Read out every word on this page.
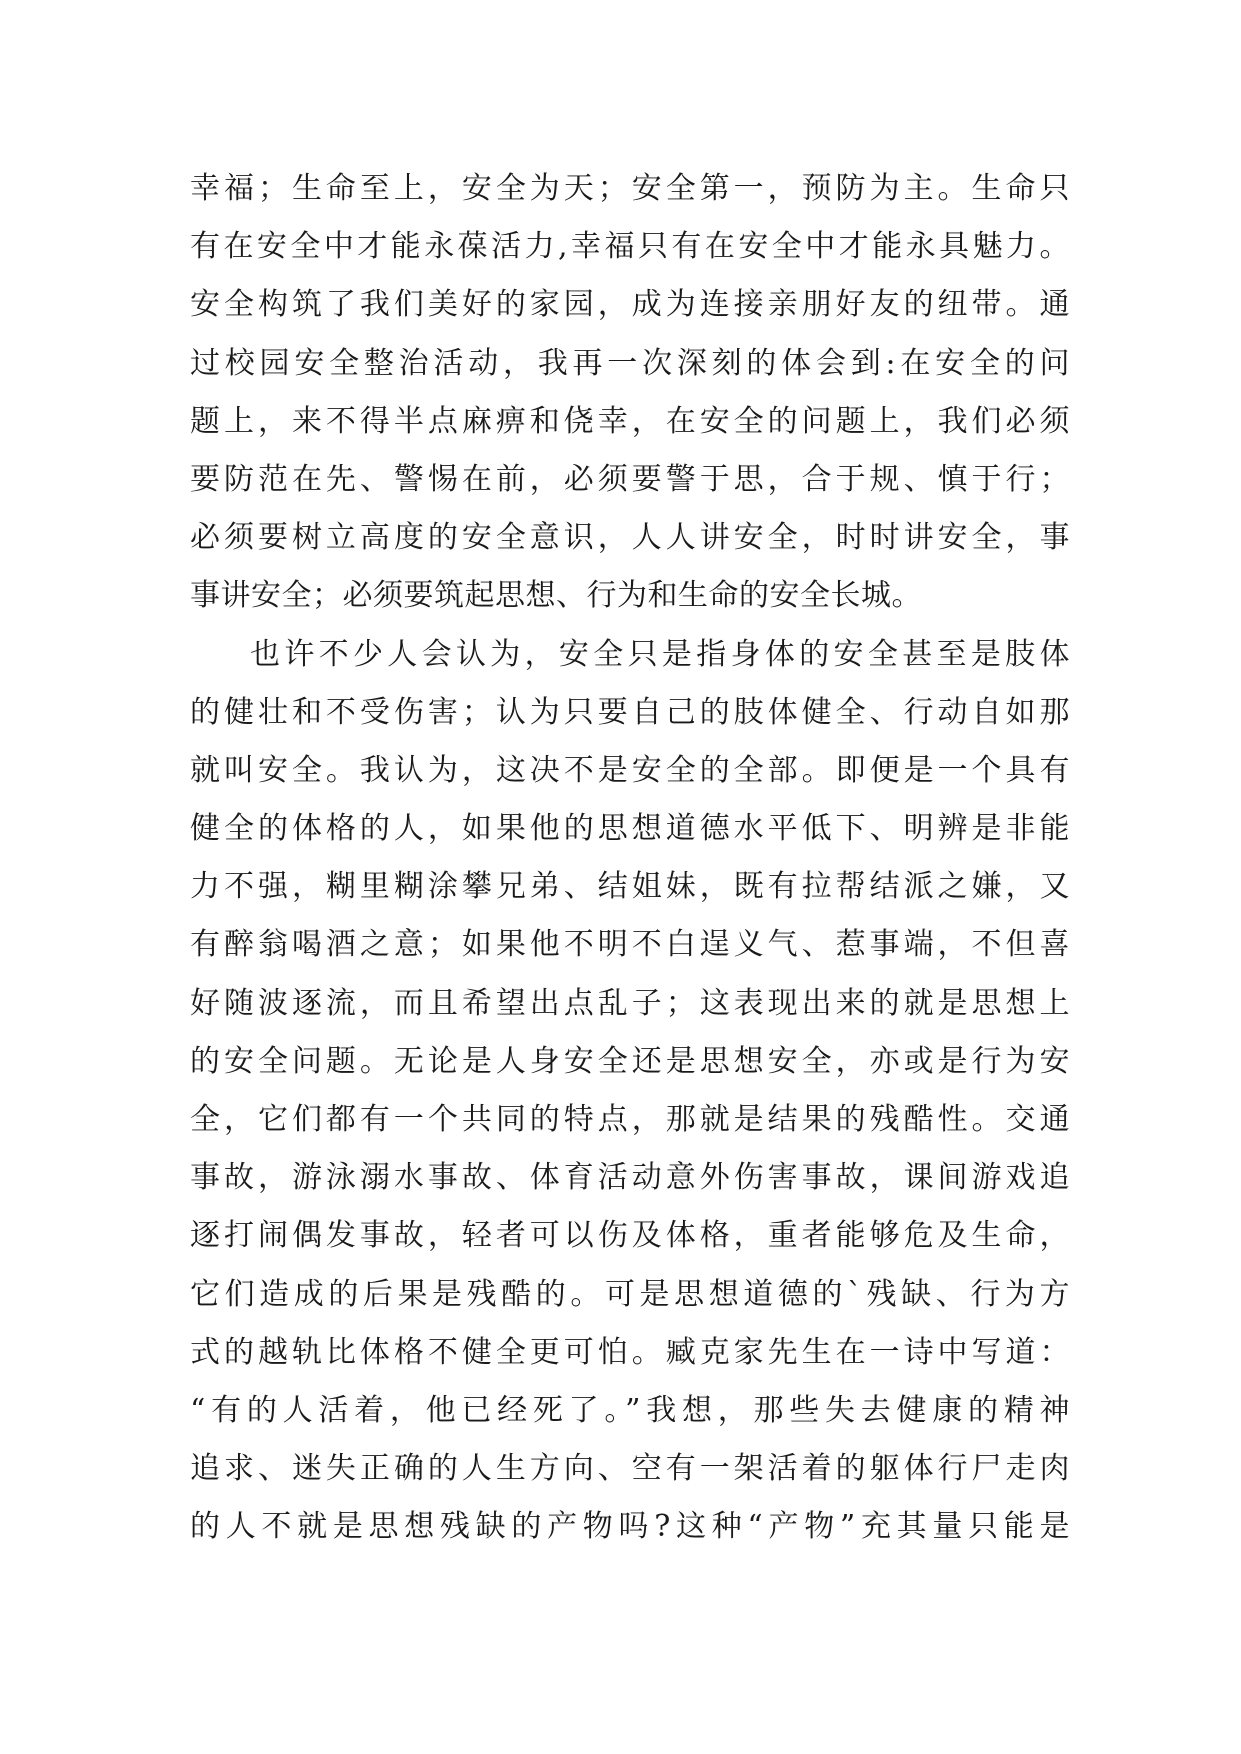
幸福；生命至上，安全为天；安全第一，预防为主。生命只
有在安全中才能永葆活力,幸福只有在安全中才能永具魅力。
安全构筑了我们美好的家园，成为连接亲朋好友的纽带。通
过校园安全整治活动，我再一次深刻的体会到:在安全的问
题上，来不得半点麻痹和侥幸，在安全的问题上，我们必须
要防范在先、警惕在前，必须要警于思，合于规、慎于行；
必须要树立高度的安全意识，人人讲安全，时时讲安全，事
事讲安全；必须要筑起思想、行为和生命的安全长城。
也许不少人会认为，安全只是指身体的安全甚至是肢体
的健壮和不受伤害；认为只要自己的肢体健全、行动自如那
就叫安全。我认为，这决不是安全的全部。即便是一个具有
健全的体格的人，如果他的思想道德水平低下、明辨是非能
力不强，糊里糊涂攀兄弟、结姐妹，既有拉帮结派之嫌，又
有醉翁喝酒之意；如果他不明不白逞义气、惹事端，不但喜
好随波逐流，而且希望出点乱子；这表现出来的就是思想上
的安全问题。无论是人身安全还是思想安全，亦或是行为安
全，它们都有一个共同的特点，那就是结果的残酷性。交通
事故，游泳溺水事故、体育活动意外伤害事故，课间游戏追
逐打闹偶发事故，轻者可以伤及体格，重者能够危及生命，
它们造成的后果是残酷的。可是思想道德的`残缺、行为方
式的越轨比体格不健全更可怕。臧克家先生在一诗中写道：
“有的人活着，他已经死了。”我想，那些失去健康的精神
追求、迷失正确的人生方向、空有一架活着的躯体行尸走肉
的人不就是思想残缺的产物吗?这种“产物”充其量只能是
